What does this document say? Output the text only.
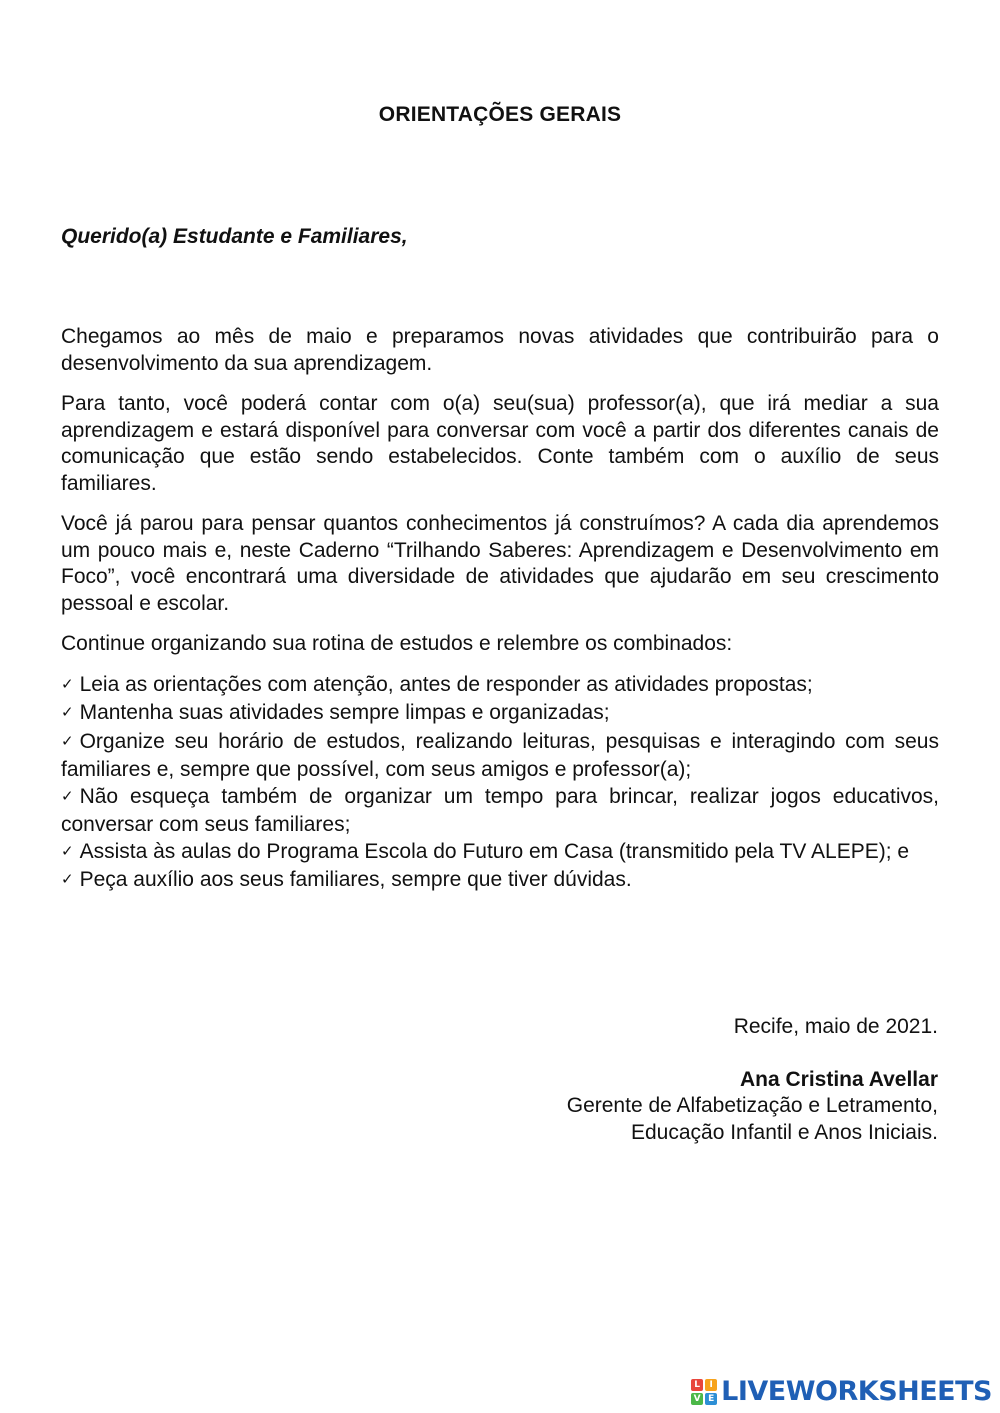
ORIENTAÇÕES GERAIS
Querido(a) Estudante e Familiares,

Chegamos ao mês de maio e preparamos novas atividades que contribuirão para o desenvolvimento da sua aprendizagem.

Para tanto, você poderá contar com o(a) seu(sua) professor(a), que irá mediar a sua aprendizagem e estará disponível para conversar com você a partir dos diferentes canais de comunicação que estão sendo estabelecidos. Conte também com o auxílio de seus familiares.

Você já parou para pensar quantos conhecimentos já construímos? A cada dia aprendemos um pouco mais e, neste Caderno “Trilhando Saberes: Aprendizagem e Desenvolvimento em Foco”, você encontrará uma diversidade de atividades que ajudarão em seu crescimento pessoal e escolar.

Continue organizando sua rotina de estudos e relembre os combinados:

✓ Leia as orientações com atenção, antes de responder as atividades propostas;
✓ Mantenha suas atividades sempre limpas e organizadas;
✓ Organize seu horário de estudos, realizando leituras, pesquisas e interagindo com seus familiares e, sempre que possível, com seus amigos e professor(a);
✓ Não esqueça também de organizar um tempo para brincar, realizar jogos educativos, conversar com seus familiares;
✓ Assista às aulas do Programa Escola do Futuro em Casa (transmitido pela TV ALEPE); e
✓ Peça auxílio aos seus familiares, sempre que tiver dúvidas.
Recife, maio de 2021.
Ana Cristina Avellar
Gerente de Alfabetização e Letramento,
Educação Infantil e Anos Iniciais.
L	I
V E LIVEWORKSHEETS
